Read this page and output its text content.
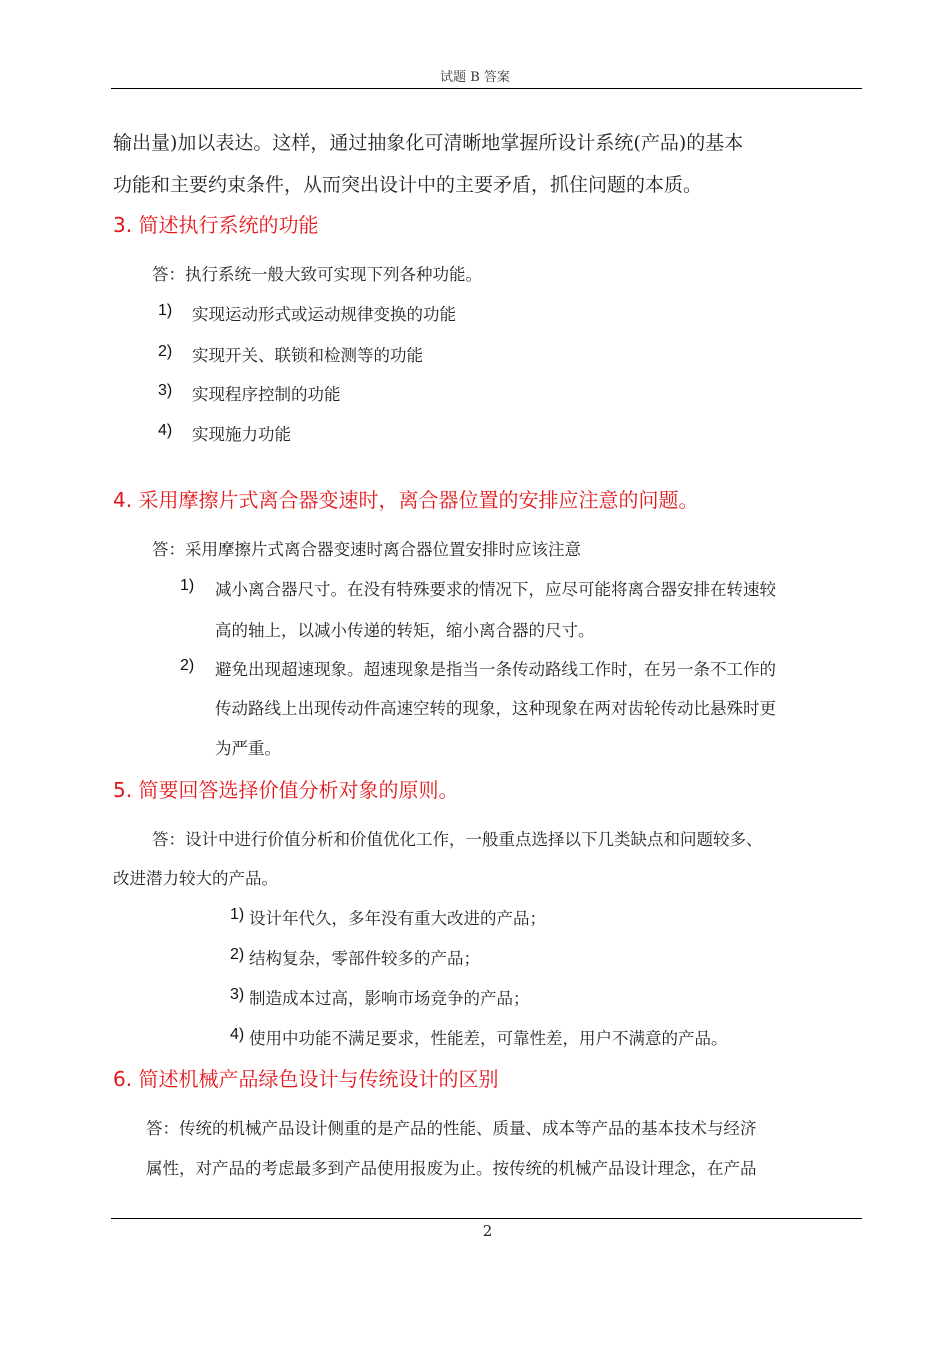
试题 B 答案
输出量)加以表达。这样，通过抽象化可清晰地掌握所设计系统(产品)的基本
功能和主要约束条件，从而突出设计中的主要矛盾，抓住问题的本质。
3. 简述执行系统的功能
答：执行系统一般大致可实现下列各种功能。
1) 实现运动形式或运动规律变换的功能
2) 实现开关、联锁和检测等的功能
3) 实现程序控制的功能
4) 实现施力功能
4. 采用摩擦片式离合器变速时，离合器位置的安排应注意的问题。
答：采用摩擦片式离合器变速时离合器位置安排时应该注意
1) 减小离合器尺寸。在没有特殊要求的情况下，应尽可能将离合器安排在转速较
高的轴上，以减小传递的转矩，缩小离合器的尺寸。
2) 避免出现超速现象。超速现象是指当一条传动路线工作时，在另一条不工作的
传动路线上出现传动件高速空转的现象，这种现象在两对齿轮传动比悬殊时更
为严重。
5. 简要回答选择价值分析对象的原则。
答：设计中进行价值分析和价值优化工作，一般重点选择以下几类缺点和问题较多、
改进潜力较大的产品。
1) 设计年代久，多年没有重大改进的产品；
2) 结构复杂，零部件较多的产品；
3) 制造成本过高，影响市场竞争的产品；
4) 使用中功能不满足要求，性能差，可靠性差，用户不满意的产品。
6. 简述机械产品绿色设计与传统设计的区别
答：传统的机械产品设计侧重的是产品的性能、质量、成本等产品的基本技术与经济
属性，对产品的考虑最多到产品使用报废为止。按传统的机械产品设计理念，在产品
2
